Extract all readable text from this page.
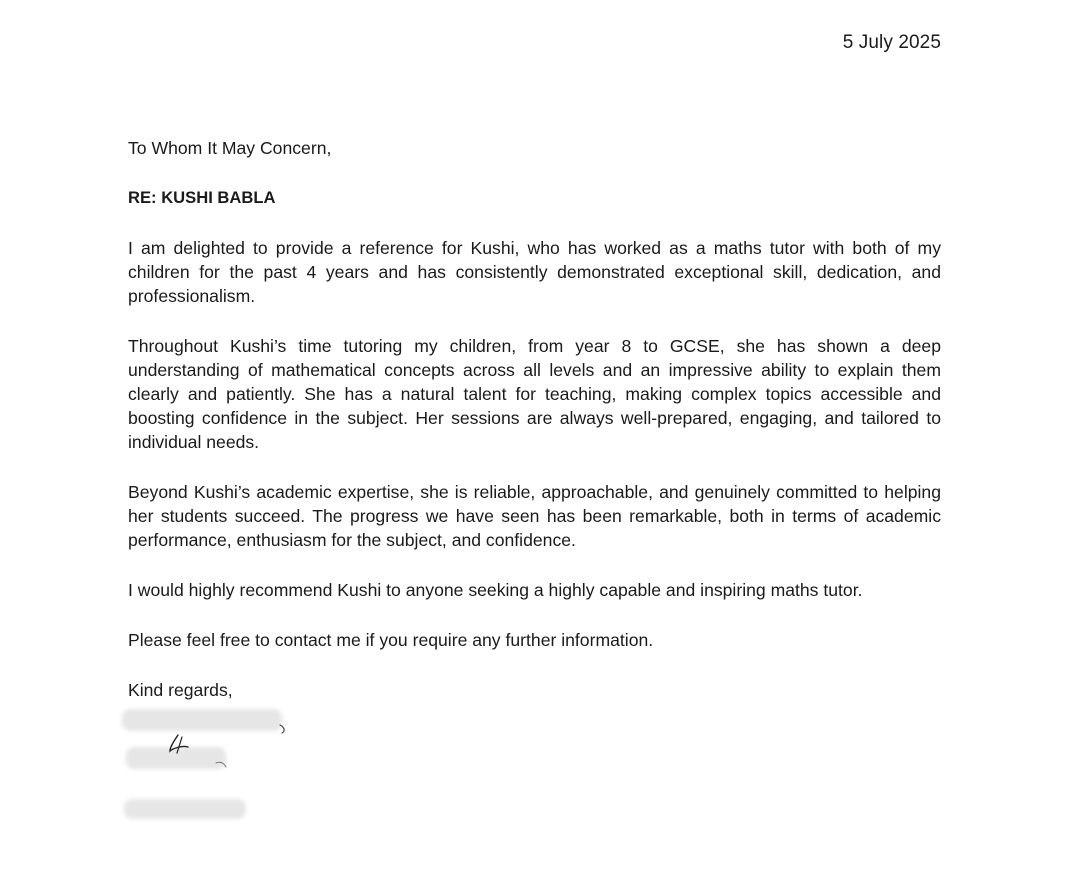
5 July 2025

To Whom It May Concern,

RE: KUSHI BABLA

I am delighted to provide a reference for Kushi, who has worked as a maths tutor with both of my children for the past 4 years and has consistently demonstrated exceptional skill, dedication, and professionalism.

Throughout Kushi’s time tutoring my children, from year 8 to GCSE, she has shown a deep understanding of mathematical concepts across all levels and an impressive ability to explain them clearly and patiently. She has a natural talent for teaching, making complex topics accessible and boosting confidence in the subject. Her sessions are always well-prepared, engaging, and tailored to individual needs.

Beyond Kushi’s academic expertise, she is reliable, approachable, and genuinely committed to helping her students succeed. The progress we have seen has been remarkable, both in terms of academic performance, enthusiasm for the subject, and confidence.

I would highly recommend Kushi to anyone seeking a highly capable and inspiring maths tutor.

Please feel free to contact me if you require any further information.

Kind regards,
